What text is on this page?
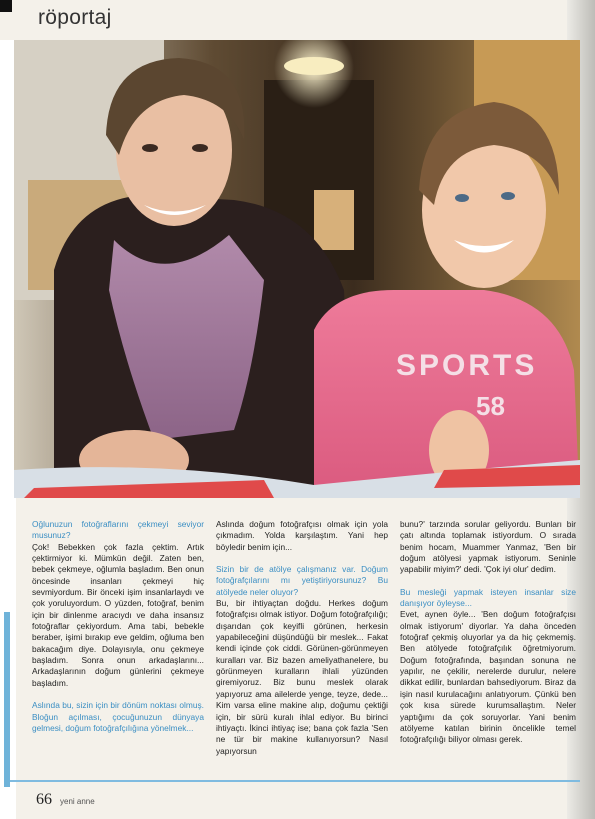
röportaj
SPORTS
58

Oğlunuzun fotoğraflarını çekmeyi seviyor musunuz?

Çok! Bebekken çok fazla çektim. Artık çektirmiyor ki. Mümkün değil. Zaten ben, bebek çekmeye, oğlumla başladım. Ben onun öncesinde insanları çekmeyi hiç sevmiyordum. Bir önceki işim insanlarlaydı ve çok yoruluyordum. O yüzden, fotoğraf, benim için bir dinlenme aracıydı ve daha insansız fotoğraflar çekiyordum. Ama tabi, bebekle beraber, işimi bırakıp eve geldim, oğluma ben bakacağım diye. Dolayısıyla, onu çekmeye başladım. Sonra onun arkadaşlarını... Arkadaşlarının doğum günlerini çekmeye başladım.

Aslında bu, sizin için bir dönüm noktası olmuş. Bloğun açılması, çocuğunuzun dünyaya gelmesi, doğum fotoğrafçılığına yönelmek...

Aslında doğum fotoğrafçısı olmak için yola çıkmadım. Yolda karşılaştım. Yani hep böyledir benim için...

Sizin bir de atölye çalışmanız var. Doğum fotoğrafçılarını mı yetiştiriyorsunuz? Bu atölyede neler oluyor?

Bu, bir ihtiyaçtan doğdu. Herkes doğum fotoğrafçısı olmak istiyor. Doğum fotoğrafçılığı; dışarıdan çok keyifli görünen, herkesin yapabileceğini düşündüğü bir meslek... Fakat kendi içinde çok ciddi. Görünen-görünmeyen kuralları var. Biz bazen ameliyathanelere, bu görünmeyen kuralların ihlali yüzünden giremiyoruz. Biz bunu meslek olarak yapıyoruz ama ailelerde yenge, teyze, dede... Kim varsa eline makine alıp, doğumu çektiği için, bir sürü kuralı ihlal ediyor. Bu birinci ihtiyaçtı. İkinci ihtiyaç ise; bana çok fazla 'Sen ne tür bir makine kullanıyorsun? Nasıl yapıyorsun

bunu?' tarzında sorular geliyordu. Bunları bir çatı altında toplamak istiyordum. O sırada benim hocam, Muammer Yanmaz, 'Ben bir doğum atölyesi yapmak istiyorum. Seninle yapabilir miyim?' dedi. 'Çok iyi olur' dedim.

Bu mesleği yapmak isteyen insanlar size danışıyor öyleyse...

Evet, aynen öyle... 'Ben doğum fotoğrafçısı olmak istiyorum' diyorlar. Ya daha önceden fotoğraf çekmiş oluyorlar ya da hiç çekmemiş. Ben atölyede fotoğrafçılık öğretmiyorum. Doğum fotoğrafında, başından sonuna ne yapılır, ne çekilir, nerelerde durulur, nelere dikkat edilir, bunlardan bahsediyorum. Biraz da işin nasıl kurulacağını anlatıyorum. Çünkü ben çok kısa sürede kurumsallaştım. Neler yaptığımı da çok soruyorlar. Yani benim atölyeme katılan birinin öncelikle temel fotoğrafçılığı biliyor olması gerek.

66 yeni anne
